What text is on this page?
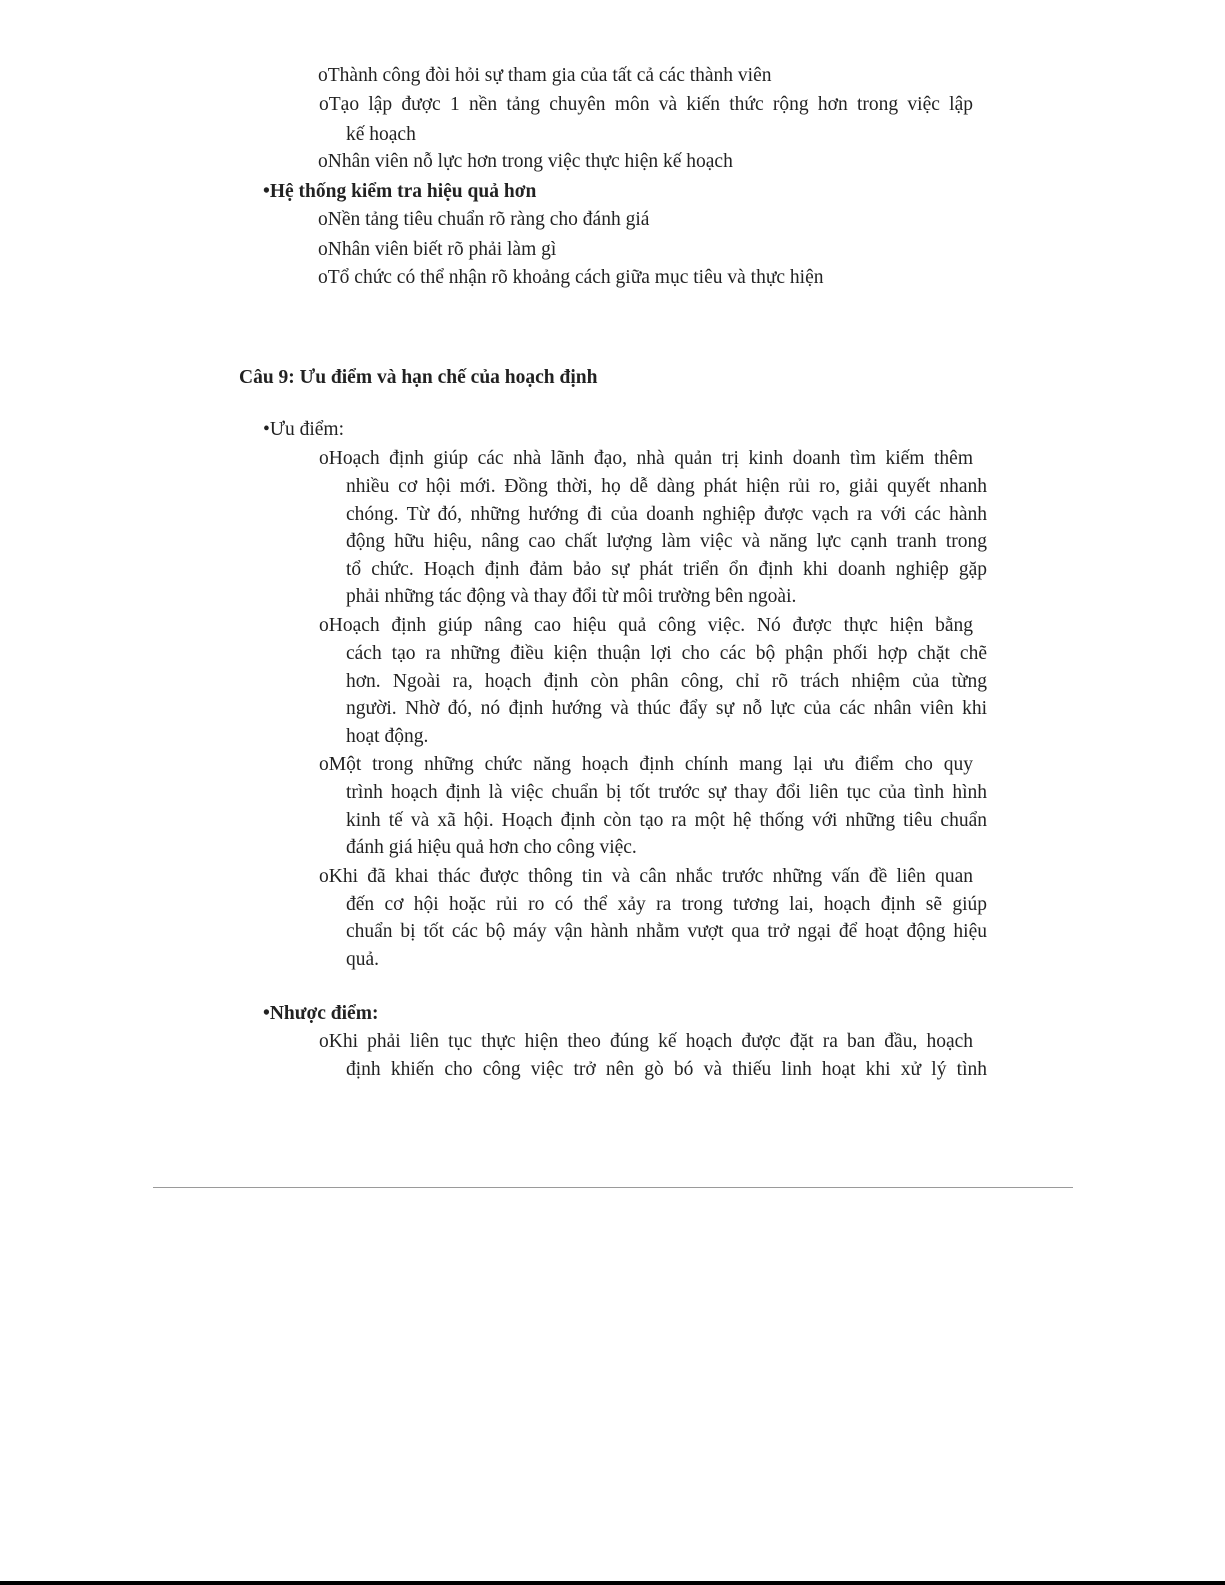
oThành công đòi hỏi sự tham gia của tất cả các thành viên
oTạo lập được 1 nền tảng chuyên môn và kiến thức rộng hơn trong việc lập
kế hoạch
oNhân viên nỗ lực hơn trong việc thực hiện kế hoạch
•Hệ thống kiểm tra hiệu quả hơn
oNền tảng tiêu chuẩn rõ ràng cho đánh giá
oNhân viên biết rõ phải làm gì
oTổ chức có thể nhận rõ khoảng cách giữa mục tiêu và thực hiện
Câu 9: Ưu điểm và hạn chế của hoạch định
•Ưu điểm:
oHoạch định giúp các nhà lãnh đạo, nhà quản trị kinh doanh tìm kiếm thêm
nhiều cơ hội mới. Đồng thời, họ dễ dàng phát hiện rủi ro, giải quyết nhanh
chóng. Từ đó, những hướng đi của doanh nghiệp được vạch ra với các hành
động hữu hiệu, nâng cao chất lượng làm việc và năng lực cạnh tranh trong
tổ chức. Hoạch định đảm bảo sự phát triển ổn định khi doanh nghiệp gặp
phải những tác động và thay đổi từ môi trường bên ngoài.
oHoạch định giúp nâng cao hiệu quả công việc. Nó được thực hiện bằng
cách tạo ra những điều kiện thuận lợi cho các bộ phận phối hợp chặt chẽ
hơn. Ngoài ra, hoạch định còn phân công, chỉ rõ trách nhiệm của từng
người. Nhờ đó, nó định hướng và thúc đẩy sự nỗ lực của các nhân viên khi
hoạt động.
oMột trong những chức năng hoạch định chính mang lại ưu điểm cho quy
trình hoạch định là việc chuẩn bị tốt trước sự thay đổi liên tục của tình hình
kinh tế và xã hội. Hoạch định còn tạo ra một hệ thống với những tiêu chuẩn
đánh giá hiệu quả hơn cho công việc.
oKhi đã khai thác được thông tin và cân nhắc trước những vấn đề liên quan
đến cơ hội hoặc rủi ro có thể xảy ra trong tương lai, hoạch định sẽ giúp
chuẩn bị tốt các bộ máy vận hành nhằm vượt qua trở ngại để hoạt động hiệu
quả.
•Nhược điểm:
oKhi phải liên tục thực hiện theo đúng kế hoạch được đặt ra ban đầu, hoạch
định khiến cho công việc trở nên gò bó và thiếu linh hoạt khi xử lý tình
